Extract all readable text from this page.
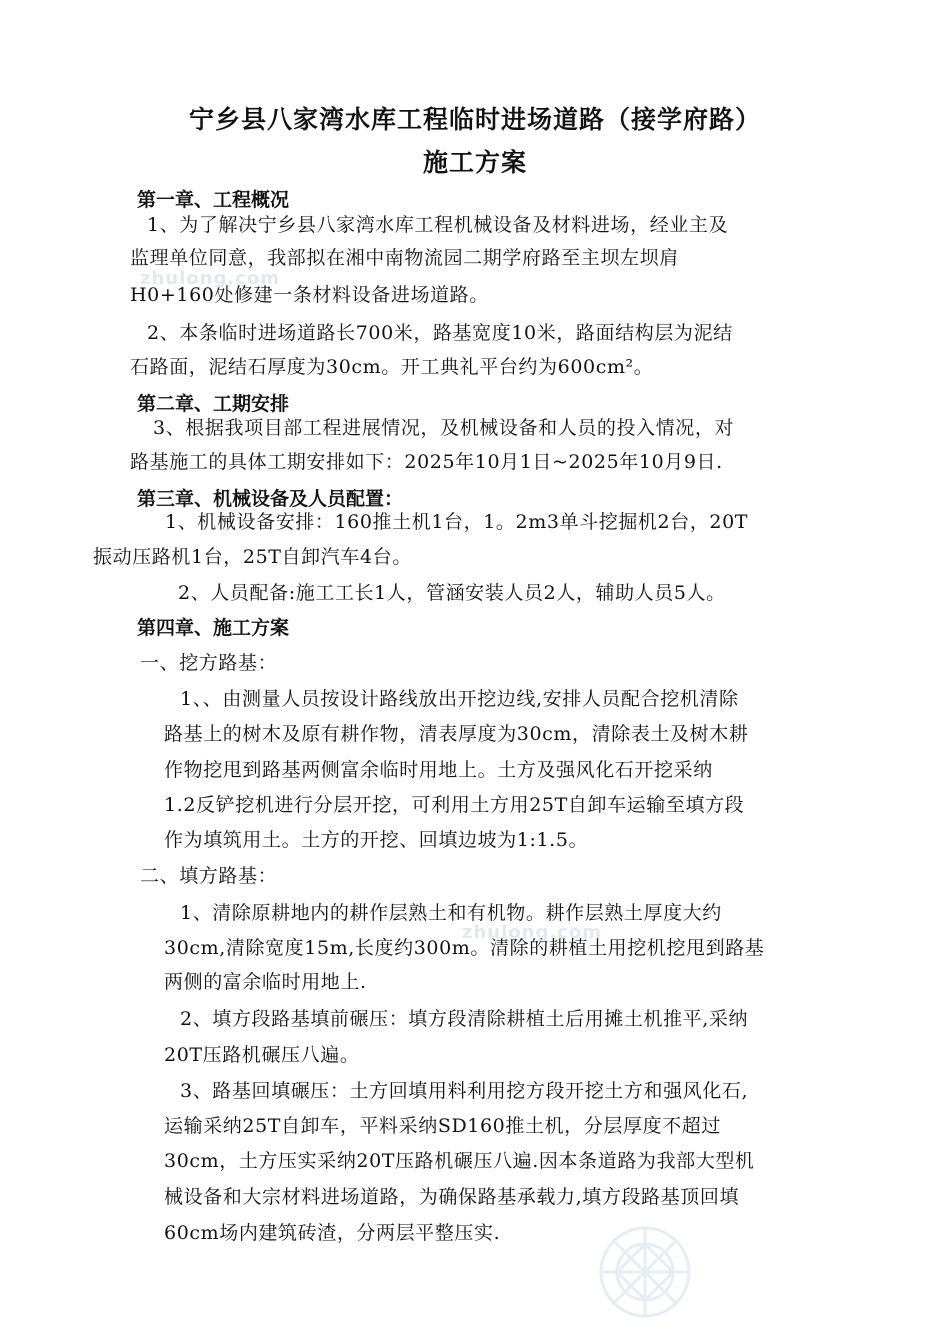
宁乡县八家湾水库工程临时进场道路（接学府路）
施工方案
第一章、工程概况
1、为了解决宁乡县八家湾水库工程机械设备及材料进场，经业主及
监理单位同意，我部拟在湘中南物流园二期学府路至主坝左坝肩
H0+160处修建一条材料设备进场道路。
2、本条临时进场道路长700米，路基宽度10米，路面结构层为泥结
石路面，泥结石厚度为30cm。开工典礼平台约为600cm²。
第二章、工期安排
3、根据我项目部工程进展情况，及机械设备和人员的投入情况，对
路基施工的具体工期安排如下：2025年10月1日~2025年10月9日.
第三章、机械设备及人员配置：
1、机械设备安排：160推土机1台，1。2m3单斗挖掘机2台，20T
振动压路机1台，25T自卸汽车4台。
2、人员配备:施工工长1人，管涵安装人员2人，辅助人员5人。
第四章、施工方案
一、挖方路基：
1、、由测量人员按设计路线放出开挖边线,安排人员配合挖机清除
路基上的树木及原有耕作物，清表厚度为30cm，清除表土及树木耕
作物挖甩到路基两侧富余临时用地上。土方及强风化石开挖采纳
1.2反铲挖机进行分层开挖，可利用土方用25T自卸车运输至填方段
作为填筑用土。土方的开挖、回填边坡为1:1.5。
二、填方路基：
1、清除原耕地内的耕作层熟土和有机物。耕作层熟土厚度大约
30cm,清除宽度15m,长度约300m。清除的耕植土用挖机挖甩到路基
两侧的富余临时用地上.
2、填方段路基填前碾压：填方段清除耕植土后用摊土机推平,采纳
20T压路机碾压八遍。
3、路基回填碾压：土方回填用料利用挖方段开挖土方和强风化石,
运输采纳25T自卸车，平料采纳SD160推土机，分层厚度不超过
30cm，土方压实采纳20T压路机碾压八遍.因本条道路为我部大型机
械设备和大宗材料进场道路，为确保路基承载力,填方段路基顶回填
60cm场内建筑砖渣，分两层平整压实.
zhulong.com
zhulong.com
